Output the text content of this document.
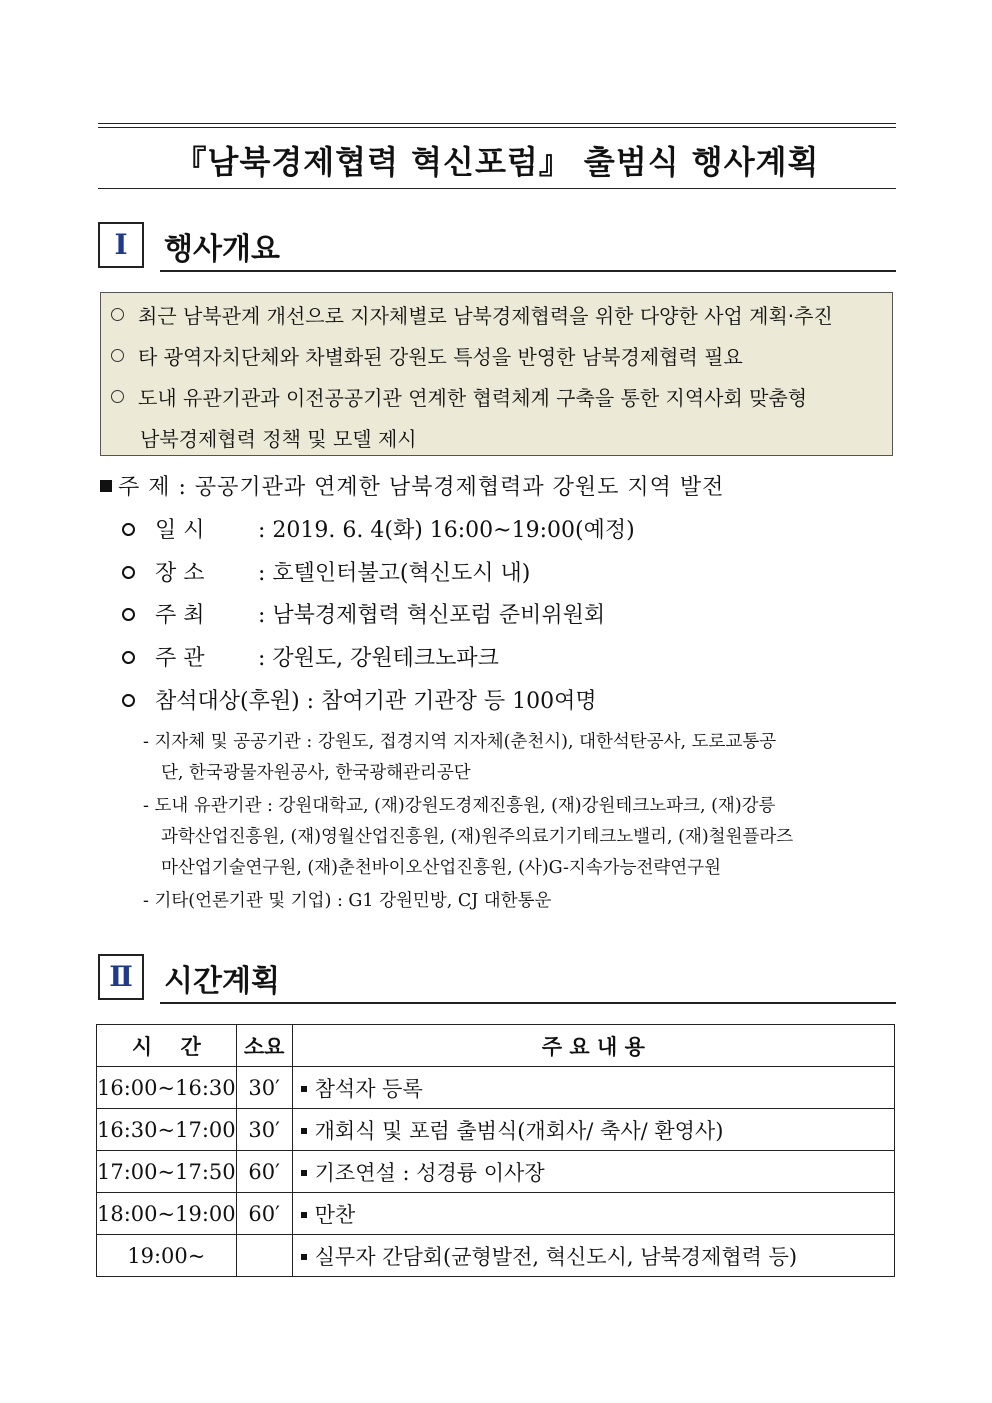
『남북경제협력 혁신포럼』 출범식 행사계획
Ⅰ	행사개요
최근 남북관계 개선으로 지자체별로 남북경제협력을 위한 다양한 사업 계획·추진
타 광역자치단체와 차별화된 강원도 특성을 반영한 남북경제협력 필요
도내 유관기관과 이전공공기관 연계한 협력체계 구축을 통한 지역사회 맞춤형
남북경제협력 정책 및 모델 제시
주 제 : 공공기관과 연계한 남북경제협력과 강원도 지역 발전
일 시 : 2019. 6. 4(화) 16:00~19:00(예정)
장 소 : 호텔인터불고(혁신도시 내)
주 최 : 남북경제협력 혁신포럼 준비위원회
주 관 : 강원도, 강원테크노파크
참석대상(후원) : 참여기관 기관장 등 100여명
- 지자체 및 공공기관 : 강원도, 접경지역 지자체(춘천시), 대한석탄공사, 도로교통공
단, 한국광물자원공사, 한국광해관리공단
- 도내 유관기관 : 강원대학교, (재)강원도경제진흥원, (재)강원테크노파크, (재)강릉
과학산업진흥원, (재)영월산업진흥원, (재)원주의료기기테크노밸리, (재)철원플라즈
마산업기술연구원, (재)춘천바이오산업진흥원, (사)G-지속가능전략연구원
- 기타(언론기관 및 기업) : G1 강원민방, CJ 대한통운
Ⅱ	시간계획
시　 간	소요	주 요 내 용
16:00~16:30	30′	참석자 등록
16:30~17:00	30′	개회식 및 포럼 출범식(개회사/ 축사/ 환영사)
17:00~17:50	60′	기조연설 : 성경륭 이사장
18:00~19:00	60′	만찬
19:00~		실무자 간담회(균형발전, 혁신도시, 남북경제협력 등)
